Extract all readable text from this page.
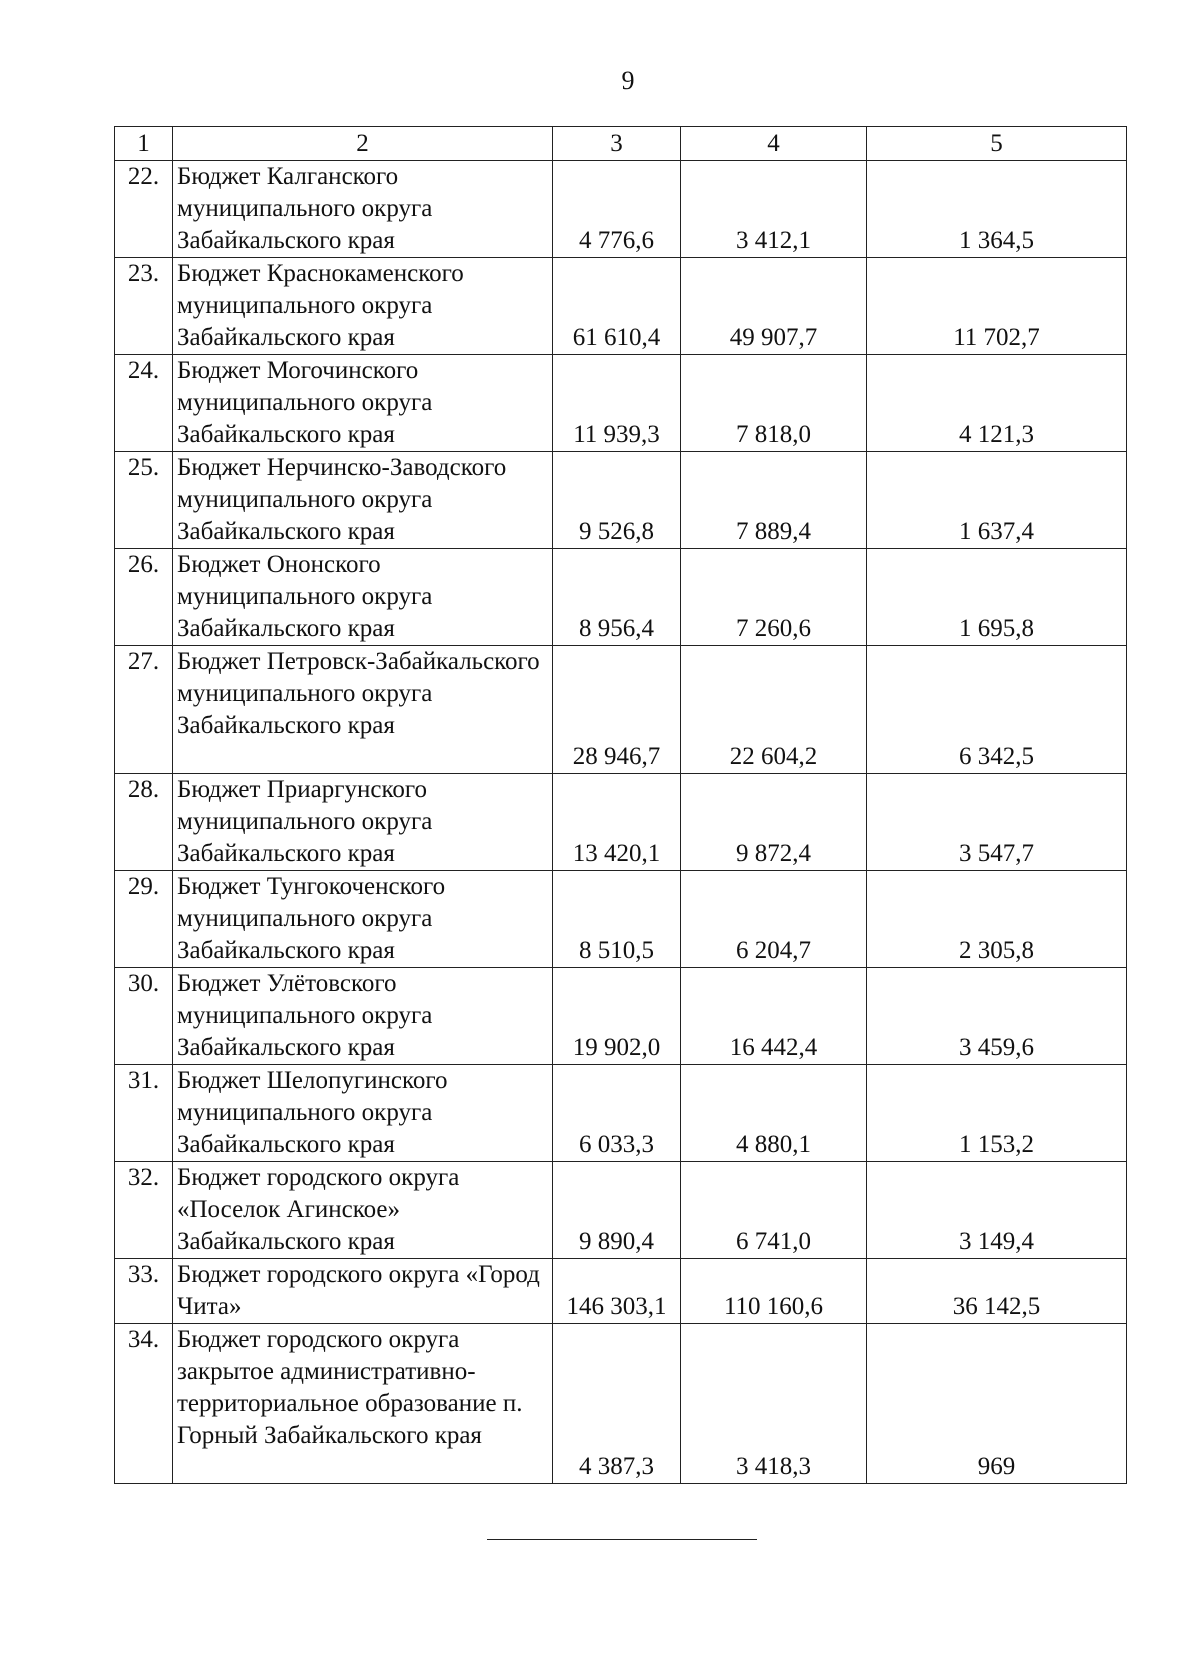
9
1	2	3	4	5
22.	Бюджет Калганского муниципального округа Забайкальского края	4 776,6	3 412,1	1 364,5
23.	Бюджет Краснокаменского муниципального округа Забайкальского края	61 610,4	49 907,7	11 702,7
24.	Бюджет Могочинского муниципального округа Забайкальского края	11 939,3	7 818,0	4 121,3
25.	Бюджет Нерчинско-Заводского муниципального округа Забайкальского края	9 526,8	7 889,4	1 637,4
26.	Бюджет Ононского муниципального округа Забайкальского края	8 956,4	7 260,6	1 695,8
27.	Бюджет Петровск-Забайкальского муниципального округа Забайкальского края	28 946,7	22 604,2	6 342,5
28.	Бюджет Приаргунского муниципального округа Забайкальского края	13 420,1	9 872,4	3 547,7
29.	Бюджет Тунгокоченского муниципального округа Забайкальского края	8 510,5	6 204,7	2 305,8
30.	Бюджет Улётовского муниципального округа Забайкальского края	19 902,0	16 442,4	3 459,6
31.	Бюджет Шелопугинского муниципального округа Забайкальского края	6 033,3	4 880,1	1 153,2
32.	Бюджет городского округа «Поселок Агинское» Забайкальского края	9 890,4	6 741,0	3 149,4
33.	Бюджет городского округа «Город Чита»	146 303,1	110 160,6	36 142,5
34.	Бюджет городского округа закрытое административно-территориальное образование п. Горный Забайкальского края	4 387,3	3 418,3	969
